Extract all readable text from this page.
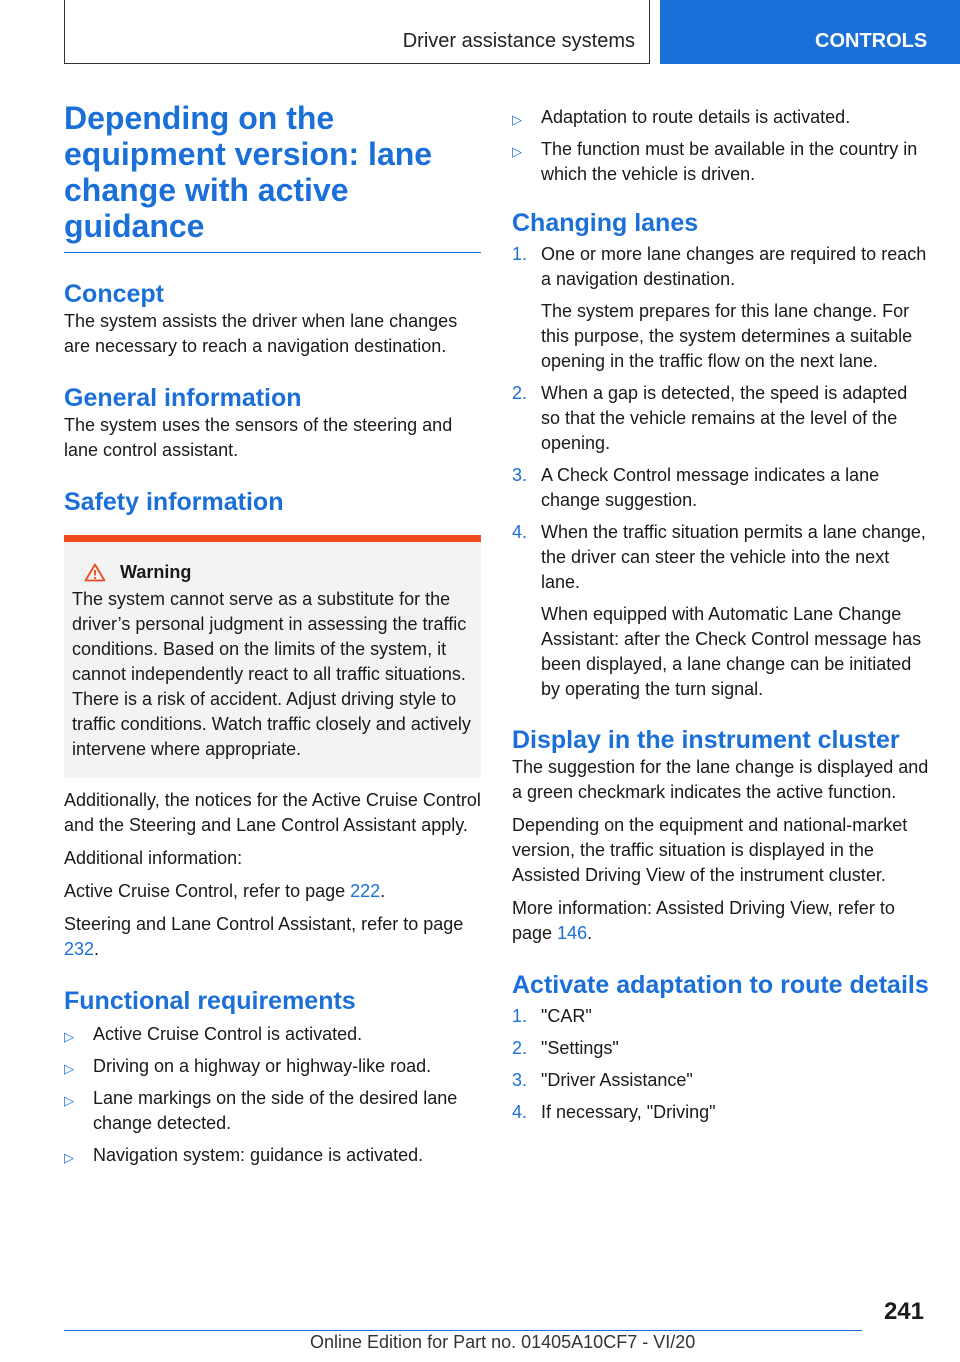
Driver assistance systems	CONTROLS
Depending on the equipment version: lane change with active guidance
Concept

The system assists the driver when lane changes are necessary to reach a navigation destination.

General information

The system uses the sensors of the steering and lane control assistant.

Safety information
Warning

The system cannot serve as a substitute for the driver’s personal judgment in assessing the traffic conditions. Based on the limits of the system, it cannot independently react to all traffic situations. There is a risk of accident. Adjust driving style to traffic conditions. Watch traffic closely and actively intervene where appropriate.

Additionally, the notices for the Active Cruise Control and the Steering and Lane Control Assistant apply.

Additional information:

Active Cruise Control, refer to page 222.

Steering and Lane Control Assistant, refer to page 232.

Functional requirements
▷ Active Cruise Control is activated.
▷ Driving on a highway or highway-like road.
▷ Lane markings on the side of the desired lane change detected.
▷ Navigation system: guidance is activated.
▷ Adaptation to route details is activated.
▷ The function must be available in the country in which the vehicle is driven.
Changing lanes
1. One or more lane changes are required to reach a navigation destination.

The system prepares for this lane change. For this purpose, the system determines a suitable opening in the traffic flow on the next lane.

2. When a gap is detected, the speed is adapted so that the vehicle remains at the level of the opening.
3. A Check Control message indicates a lane change suggestion.
4. When the traffic situation permits a lane change, the driver can steer the vehicle into the next lane.

When equipped with Automatic Lane Change Assistant: after the Check Control message has been displayed, a lane change can be initiated by operating the turn signal.

Display in the instrument cluster

The suggestion for the lane change is displayed and a green checkmark indicates the active function.

Depending on the equipment and national-market version, the traffic situation is displayed in the Assisted Driving View of the instrument cluster.

More information: Assisted Driving View, refer to page 146.

Activate adaptation to route details
1. "CAR"
2. "Settings"
3. "Driver Assistance"
4. If necessary, "Driving"
241
Online Edition for Part no. 01405A10CF7 - VI/20
